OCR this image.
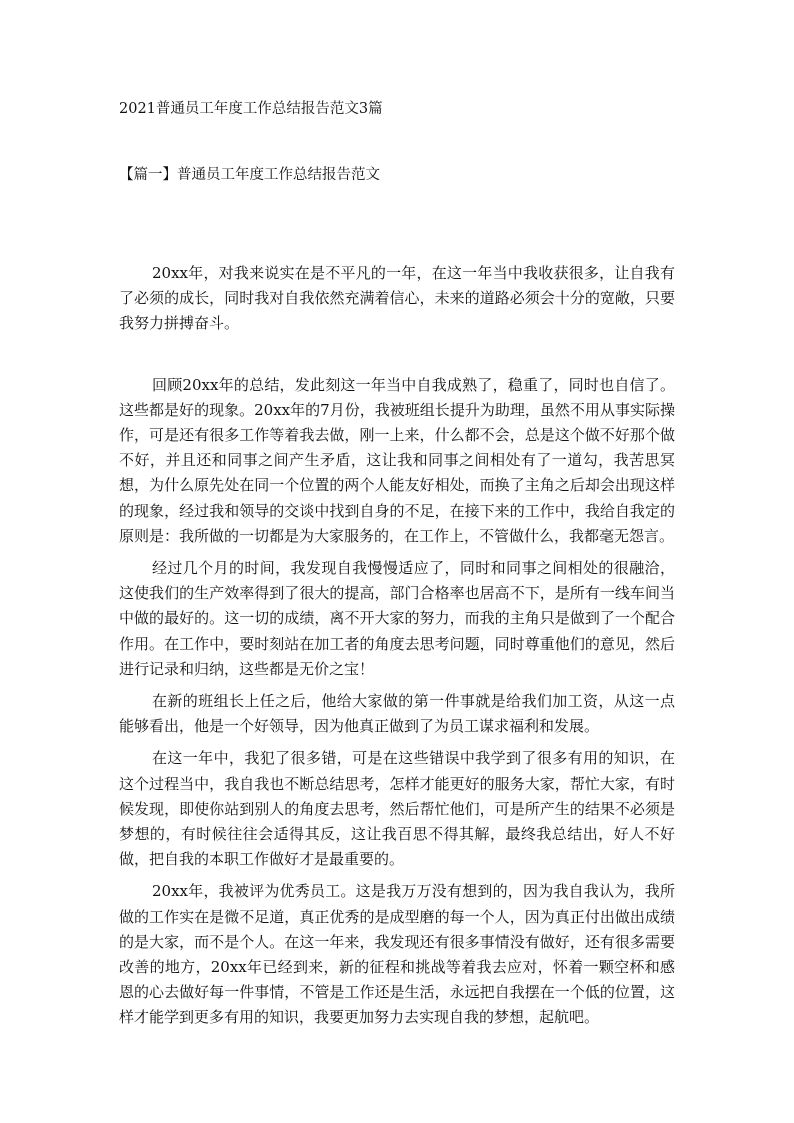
2021普通员工年度工作总结报告范文3篇
【篇一】普通员工年度工作总结报告范文

20xx年，对我来说实在是不平凡的一年，在这一年当中我收获很多，让自我有了必须的成长，同时我对自我依然充满着信心，未来的道路必须会十分的宽敞，只要我努力拼搏奋斗。

回顾20xx年的总结，发此刻这一年当中自我成熟了，稳重了，同时也自信了。这些都是好的现象。20xx年的7月份，我被班组长提升为助理，虽然不用从事实际操作，可是还有很多工作等着我去做，刚一上来，什么都不会，总是这个做不好那个做不好，并且还和同事之间产生矛盾，这让我和同事之间相处有了一道勾，我苦思冥想，为什么原先处在同一个位置的两个人能友好相处，而换了主角之后却会出现这样的现象，经过我和领导的交谈中找到自身的不足，在接下来的工作中，我给自我定的原则是：我所做的一切都是为大家服务的，在工作上，不管做什么，我都毫无怨言。

经过几个月的时间，我发现自我慢慢适应了，同时和同事之间相处的很融洽，这使我们的生产效率得到了很大的提高，部门合格率也居高不下，是所有一线车间当中做的最好的。这一切的成绩，离不开大家的努力，而我的主角只是做到了一个配合作用。在工作中，要时刻站在加工者的角度去思考问题，同时尊重他们的意见，然后进行记录和归纳，这些都是无价之宝！

在新的班组长上任之后，他给大家做的第一件事就是给我们加工资，从这一点能够看出，他是一个好领导，因为他真正做到了为员工谋求福利和发展。

在这一年中，我犯了很多错，可是在这些错误中我学到了很多有用的知识，在这个过程当中，我自我也不断总结思考，怎样才能更好的服务大家，帮忙大家，有时候发现，即使你站到别人的角度去思考，然后帮忙他们，可是所产生的结果不必须是梦想的，有时候往往会适得其反，这让我百思不得其解，最终我总结出，好人不好做，把自我的本职工作做好才是最重要的。

20xx年，我被评为优秀员工。这是我万万没有想到的，因为我自我认为，我所做的工作实在是微不足道，真正优秀的是成型磨的每一个人，因为真正付出做出成绩的是大家，而不是个人。在这一年来，我发现还有很多事情没有做好，还有很多需要改善的地方，20xx年已经到来，新的征程和挑战等着我去应对，怀着一颗空杯和感恩的心去做好每一件事情，不管是工作还是生活，永远把自我摆在一个低的位置，这样才能学到更多有用的知识，我要更加努力去实现自我的梦想，起航吧。
